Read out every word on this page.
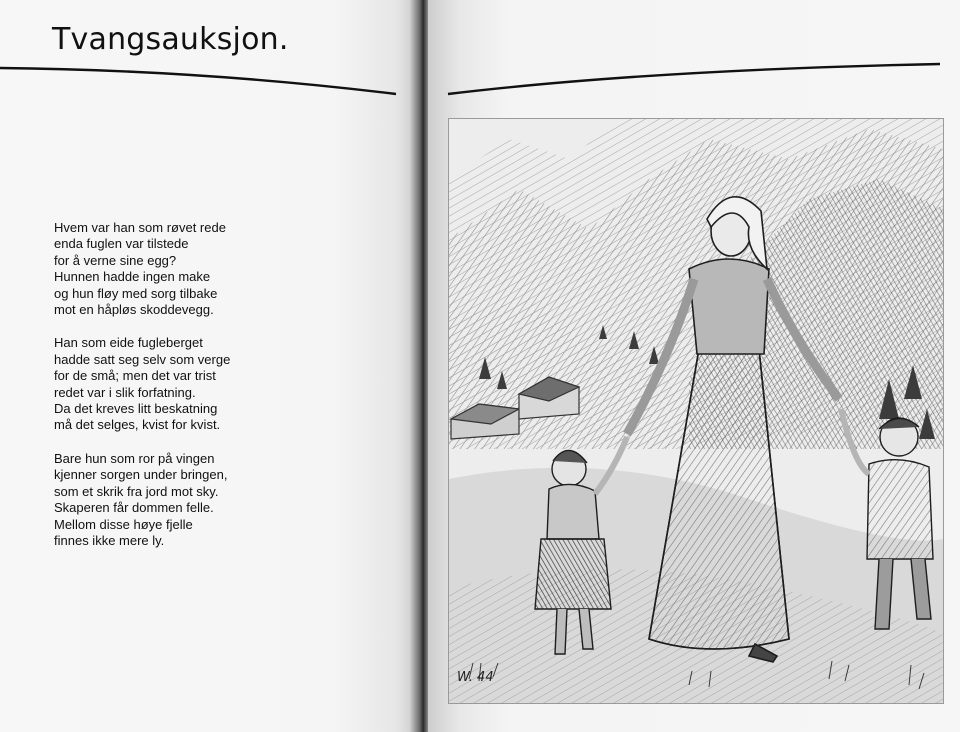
Tvangsauksjon.

Hvem var han som røvet rede
enda fuglen var tilstede
for å verne sine egg?
Hunnen hadde ingen make
og hun fløy med sorg tilbake
mot en håpløs skoddevegg.

Han som eide fugleberget
hadde satt seg selv som verge
for de små; men det var trist
redet var i slik forfatning.
Da det kreves litt beskatning
må det selges, kvist for kvist.

Bare hun som ror på vingen
kjenner sorgen under bringen,
som et skrik fra jord mot sky.
Skaperen får dommen felle.
Mellom disse høye fjelle
finnes ikke mere ly.

W. 44
